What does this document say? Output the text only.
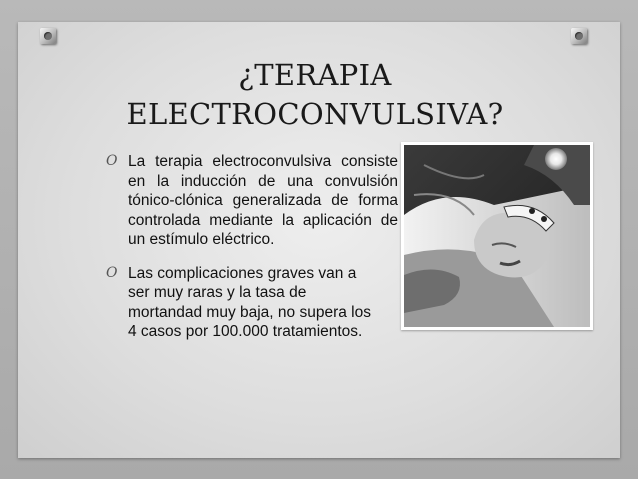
¿TERAPIA ELECTROCONVULSIVA?
O La terapia electroconvulsiva consiste en la inducción de una convulsión tónico-clónica generalizada de forma controlada mediante la aplicación de un estímulo eléctrico.
O Las complicaciones graves van a ser muy raras y la tasa de mortandad muy baja, no supera los 4 casos por 100.000 tratamientos.
